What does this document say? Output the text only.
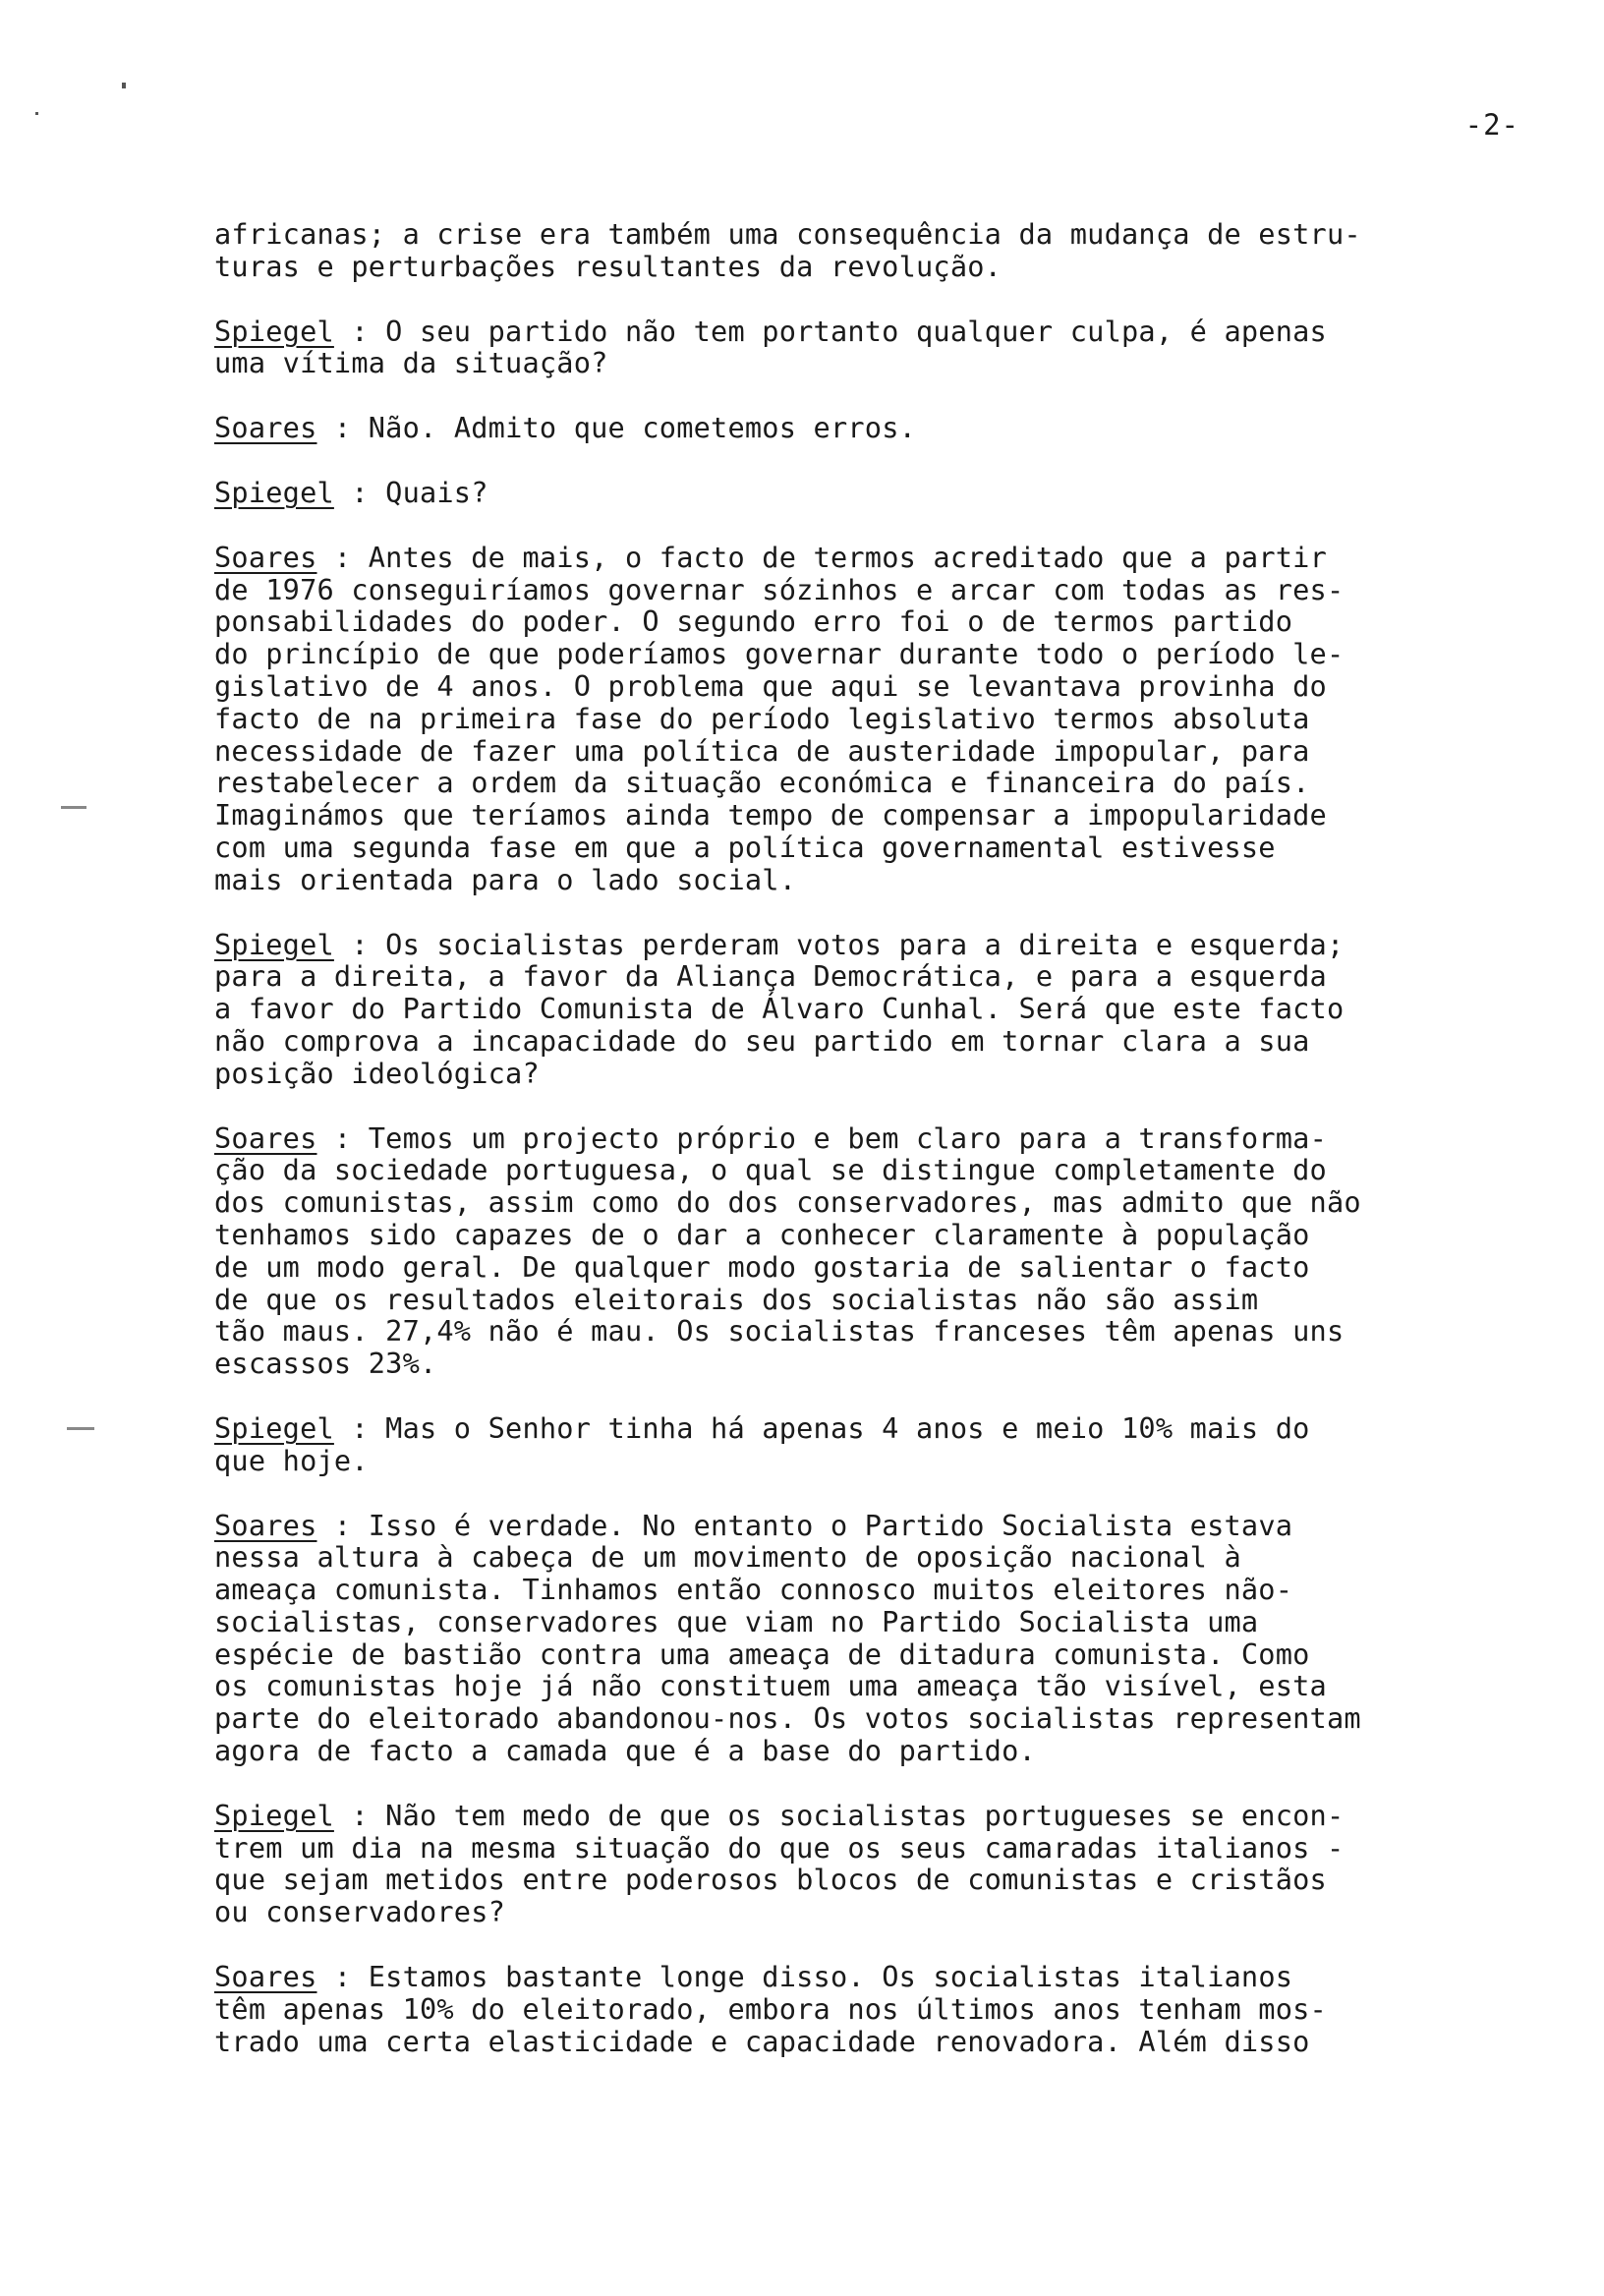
-2-
africanas; a crise era também uma consequência da mudança de estru-
turas e perturbações resultantes da revolução.
Spiegel : O seu partido não tem portanto qualquer culpa, é apenas
uma vítima da situação?
Soares : Não. Admito que cometemos erros.
Spiegel : Quais?
Soares : Antes de mais, o facto de termos acreditado que a partir
de 1976 conseguiríamos governar sózinhos e arcar com todas as res-
ponsabilidades do poder. O segundo erro foi o de termos partido
do princípio de que poderíamos governar durante todo o período le-
gislativo de 4 anos. O problema que aqui se levantava provinha do
facto de na primeira fase do período legislativo termos absoluta
necessidade de fazer uma política de austeridade impopular, para
restabelecer a ordem da situação económica e financeira do país.
Imaginámos que teríamos ainda tempo de compensar a impopularidade
com uma segunda fase em que a política governamental estivesse
mais orientada para o lado social.
Spiegel : Os socialistas perderam votos para a direita e esquerda;
para a direita, a favor da Aliança Democrática, e para a esquerda
a favor do Partido Comunista de Álvaro Cunhal. Será que este facto
não comprova a incapacidade do seu partido em tornar clara a sua
posição ideológica?
Soares : Temos um projecto próprio e bem claro para a transforma-
ção da sociedade portuguesa, o qual se distingue completamente do
dos comunistas, assim como do dos conservadores, mas admito que não
tenhamos sido capazes de o dar a conhecer claramente à população
de um modo geral. De qualquer modo gostaria de salientar o facto
de que os resultados eleitorais dos socialistas não são assim
tão maus. 27,4% não é mau. Os socialistas franceses têm apenas uns
escassos 23%.
Spiegel : Mas o Senhor tinha há apenas 4 anos e meio 10% mais do
que hoje.
Soares : Isso é verdade. No entanto o Partido Socialista estava
nessa altura à cabeça de um movimento de oposição nacional à
ameaça comunista. Tinhamos então connosco muitos eleitores não-
socialistas, conservadores que viam no Partido Socialista uma
espécie de bastião contra uma ameaça de ditadura comunista. Como
os comunistas hoje já não constituem uma ameaça tão visível, esta
parte do eleitorado abandonou-nos. Os votos socialistas representam
agora de facto a camada que é a base do partido.
Spiegel : Não tem medo de que os socialistas portugueses se encon-
trem um dia na mesma situação do que os seus camaradas italianos -
que sejam metidos entre poderosos blocos de comunistas e cristãos
ou conservadores?
Soares : Estamos bastante longe disso. Os socialistas italianos
têm apenas 10% do eleitorado, embora nos últimos anos tenham mos-
trado uma certa elasticidade e capacidade renovadora. Além disso
